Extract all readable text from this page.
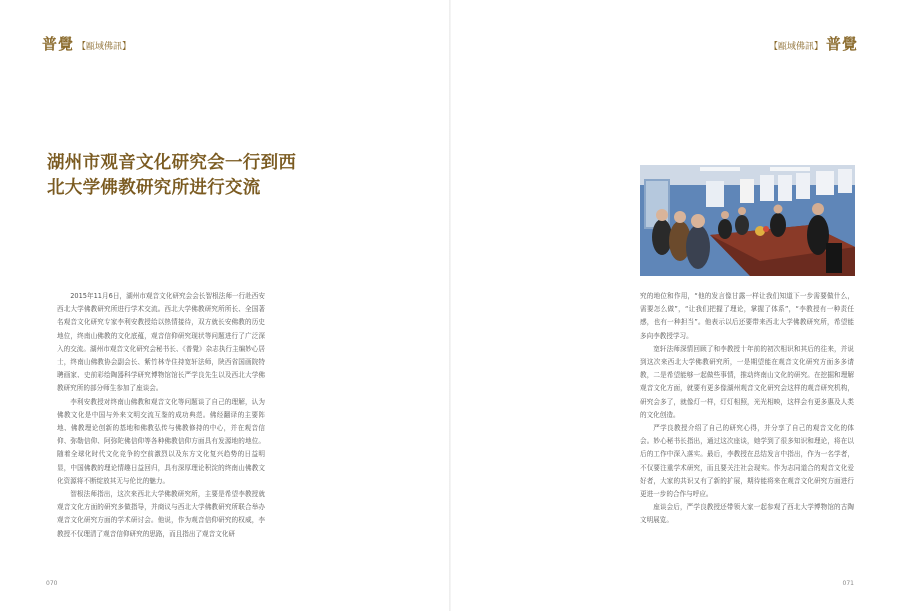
普覺 【甌域佛訊】
湖州市观音文化研究会一行到西北大学佛教研究所进行交流

2015年11月6日，湖州市观音文化研究会会长智根法师一行赴西安西北大学佛教研究所进行学术交流。西北大学佛教研究所所长、全国著名观音文化研究专家李利安教授给以热情接待，双方就长安佛教的历史地位，终南山佛教的文化底蕴，观音信仰研究现状等问题进行了广泛深入的交流。湖州市观音文化研究会秘书长、《普覺》杂志执行主编妙心居士，终南山佛教协会副会长、紫竹林寺住持宽轩法师，陕西省国画院特聘画家、史前彩绘陶器科学研究博物馆馆长严学良先生以及西北大学佛教研究所的部分师生参加了座谈会。

李利安教授对终南山佛教和观音文化等问题谈了自己的理解，认为佛教文化是中国与外来文明交流互鉴的成功典范。佛经翻译的主要阵地、佛教理论创新的基地和佛教弘传与佛教修持的中心，并在观音信仰、弥勒信仰、阿弥陀佛信仰等各种佛教信仰方面具有发源地的地位。随着全球化时代文化竞争的空前激烈以及东方文化复兴趋势的日益明显，中国佛教的理论情趣日益回归，具有深厚理论积淀的终南山佛教文化资源将不断绽放其无与伦比的魅力。

智根法师指出，这次来西北大学佛教研究所，主要是希望李教授就观音文化方面的研究多做指导，并商议与西北大学佛教研究所联合举办观音文化研究方面的学术研讨会。他说，作为观音信仰研究的权威，李教授不仅理清了观音信仰研究的思路，而且指出了观音文化研

070
【甌域佛訊】 普覺

究的地位和作用，“他的发言像甘露一样让我们知道下一步需要做什么，需要怎么做”，“让我们把握了理论，掌握了体系”，“李教授有一种责任感，也有一种担当”。他表示以后还要带来西北大学佛教研究所，希望能多向李教授学习。

宽轩法师深情回顾了和李教授十年前的初次相识和其后的往来，并说到这次来西北大学佛教研究所，一是期望能在观音文化研究方面多多请教，二是希望能够一起做些事情，推动终南山文化的研究。在挖掘和理解观音文化方面，就要有更多像湖州观音文化研究会这样的观音研究机构，研究会多了，就像灯一样，灯灯相照，光光相映，这样会有更多惠及人类的文化创造。

严学良教授介绍了自己的研究心得，并分享了自己的观音文化的体会。妙心秘书长指出，通过这次座谈，她学到了很多知识和理论，将在以后的工作中深入落实。最后，李教授在总结发言中指出，作为一名学者，不仅要注重学术研究，而且要关注社会现实。作为志同道合的观音文化爱好者，大家的共识又有了新的扩展，期待能将来在观音文化研究方面进行更进一步的合作与呼应。

座谈会后，严学良教授还带领大家一起参观了西北大学博物馆的古陶文明展览。

071
